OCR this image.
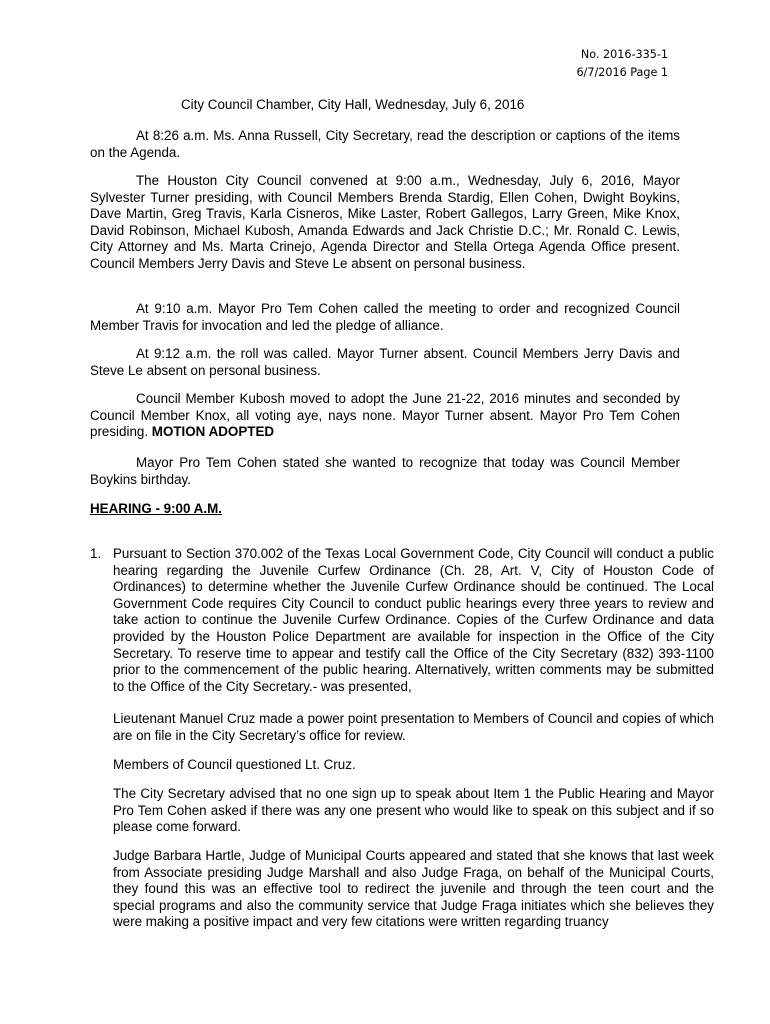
No. 2016-335-1
6/7/2016 Page 1
City Council Chamber, City Hall, Wednesday, July 6, 2016
At 8:26 a.m. Ms. Anna Russell, City Secretary, read the description or captions of the items on the Agenda.
The Houston City Council convened at 9:00 a.m., Wednesday, July 6, 2016, Mayor Sylvester Turner presiding, with Council Members Brenda Stardig, Ellen Cohen, Dwight Boykins, Dave Martin, Greg Travis, Karla Cisneros, Mike Laster, Robert Gallegos, Larry Green, Mike Knox, David Robinson, Michael Kubosh, Amanda Edwards and Jack Christie D.C.; Mr. Ronald C. Lewis, City Attorney and Ms. Marta Crinejo, Agenda Director and Stella Ortega Agenda Office present. Council Members Jerry Davis and Steve Le absent on personal business.
At 9:10 a.m. Mayor Pro Tem Cohen called the meeting to order and recognized Council Member Travis for invocation and led the pledge of alliance.
At 9:12 a.m. the roll was called. Mayor Turner absent. Council Members Jerry Davis and Steve Le absent on personal business.
Council Member Kubosh moved to adopt the June 21-22, 2016 minutes and seconded by Council Member Knox, all voting aye, nays none. Mayor Turner absent. Mayor Pro Tem Cohen presiding. MOTION ADOPTED
Mayor Pro Tem Cohen stated she wanted to recognize that today was Council Member Boykins birthday.
HEARING - 9:00 A.M.
1. Pursuant to Section 370.002 of the Texas Local Government Code, City Council will conduct a public hearing regarding the Juvenile Curfew Ordinance (Ch. 28, Art. V, City of Houston Code of Ordinances) to determine whether the Juvenile Curfew Ordinance should be continued. The Local Government Code requires City Council to conduct public hearings every three years to review and take action to continue the Juvenile Curfew Ordinance. Copies of the Curfew Ordinance and data provided by the Houston Police Department are available for inspection in the Office of the City Secretary. To reserve time to appear and testify call the Office of the City Secretary (832) 393-1100 prior to the commencement of the public hearing. Alternatively, written comments may be submitted to the Office of the City Secretary.- was presented,
Lieutenant Manuel Cruz made a power point presentation to Members of Council and copies of which are on file in the City Secretary’s office for review.
Members of Council questioned Lt. Cruz.
The City Secretary advised that no one sign up to speak about Item 1 the Public Hearing and Mayor Pro Tem Cohen asked if there was any one present who would like to speak on this subject and if so please come forward.
Judge Barbara Hartle, Judge of Municipal Courts appeared and stated that she knows that last week from Associate presiding Judge Marshall and also Judge Fraga, on behalf of the Municipal Courts, they found this was an effective tool to redirect the juvenile and through the teen court and the special programs and also the community service that Judge Fraga initiates which she believes they were making a positive impact and very few citations were written regarding truancy
